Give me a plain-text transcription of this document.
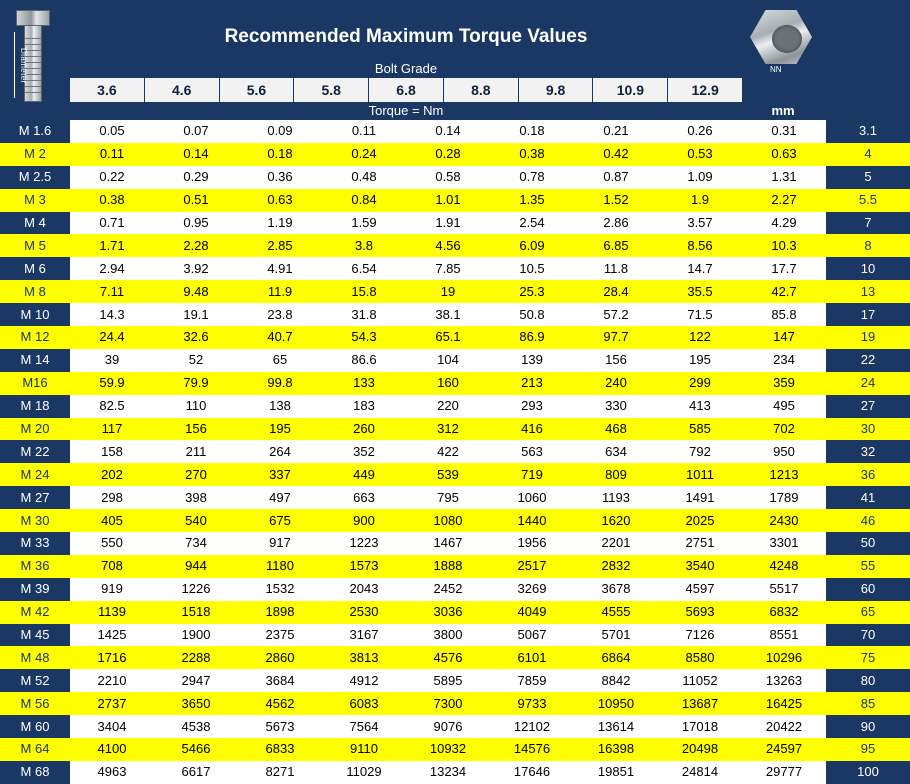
Diameter	NN
Recommended Maximum Torque Values
Bolt Grade
3.6	4.6	5.6	5.8	6.8	8.8	9.8	10.9	12.9
Torque = Nm	mm
M 1.6	0.05	0.07	0.09	0.11	0.14	0.18	0.21	0.26	0.31	3.1
M 2	0.11	0.14	0.18	0.24	0.28	0.38	0.42	0.53	0.63	4
M 2.5	0.22	0.29	0.36	0.48	0.58	0.78	0.87	1.09	1.31	5
M 3	0.38	0.51	0.63	0.84	1.01	1.35	1.52	1.9	2.27	5.5
M 4	0.71	0.95	1.19	1.59	1.91	2.54	2.86	3.57	4.29	7
M 5	1.71	2.28	2.85	3.8	4.56	6.09	6.85	8.56	10.3	8
M 6	2.94	3.92	4.91	6.54	7.85	10.5	11.8	14.7	17.7	10
M 8	7.11	9.48	11.9	15.8	19	25.3	28.4	35.5	42.7	13
M 10	14.3	19.1	23.8	31.8	38.1	50.8	57.2	71.5	85.8	17
M 12	24.4	32.6	40.7	54.3	65.1	86.9	97.7	122	147	19
M 14	39	52	65	86.6	104	139	156	195	234	22
M16	59.9	79.9	99.8	133	160	213	240	299	359	24
M 18	82.5	110	138	183	220	293	330	413	495	27
M 20	117	156	195	260	312	416	468	585	702	30
M 22	158	211	264	352	422	563	634	792	950	32
M 24	202	270	337	449	539	719	809	1011	1213	36
M 27	298	398	497	663	795	1060	1193	1491	1789	41
M 30	405	540	675	900	1080	1440	1620	2025	2430	46
M 33	550	734	917	1223	1467	1956	2201	2751	3301	50
M 36	708	944	1180	1573	1888	2517	2832	3540	4248	55
M 39	919	1226	1532	2043	2452	3269	3678	4597	5517	60
M 42	1139	1518	1898	2530	3036	4049	4555	5693	6832	65
M 45	1425	1900	2375	3167	3800	5067	5701	7126	8551	70
M 48	1716	2288	2860	3813	4576	6101	6864	8580	10296	75
M 52	2210	2947	3684	4912	5895	7859	8842	11052	13263	80
M 56	2737	3650	4562	6083	7300	9733	10950	13687	16425	85
M 60	3404	4538	5673	7564	9076	12102	13614	17018	20422	90
M 64	4100	5466	6833	9110	10932	14576	16398	20498	24597	95
M 68	4963	6617	8271	11029	13234	17646	19851	24814	29777	100
